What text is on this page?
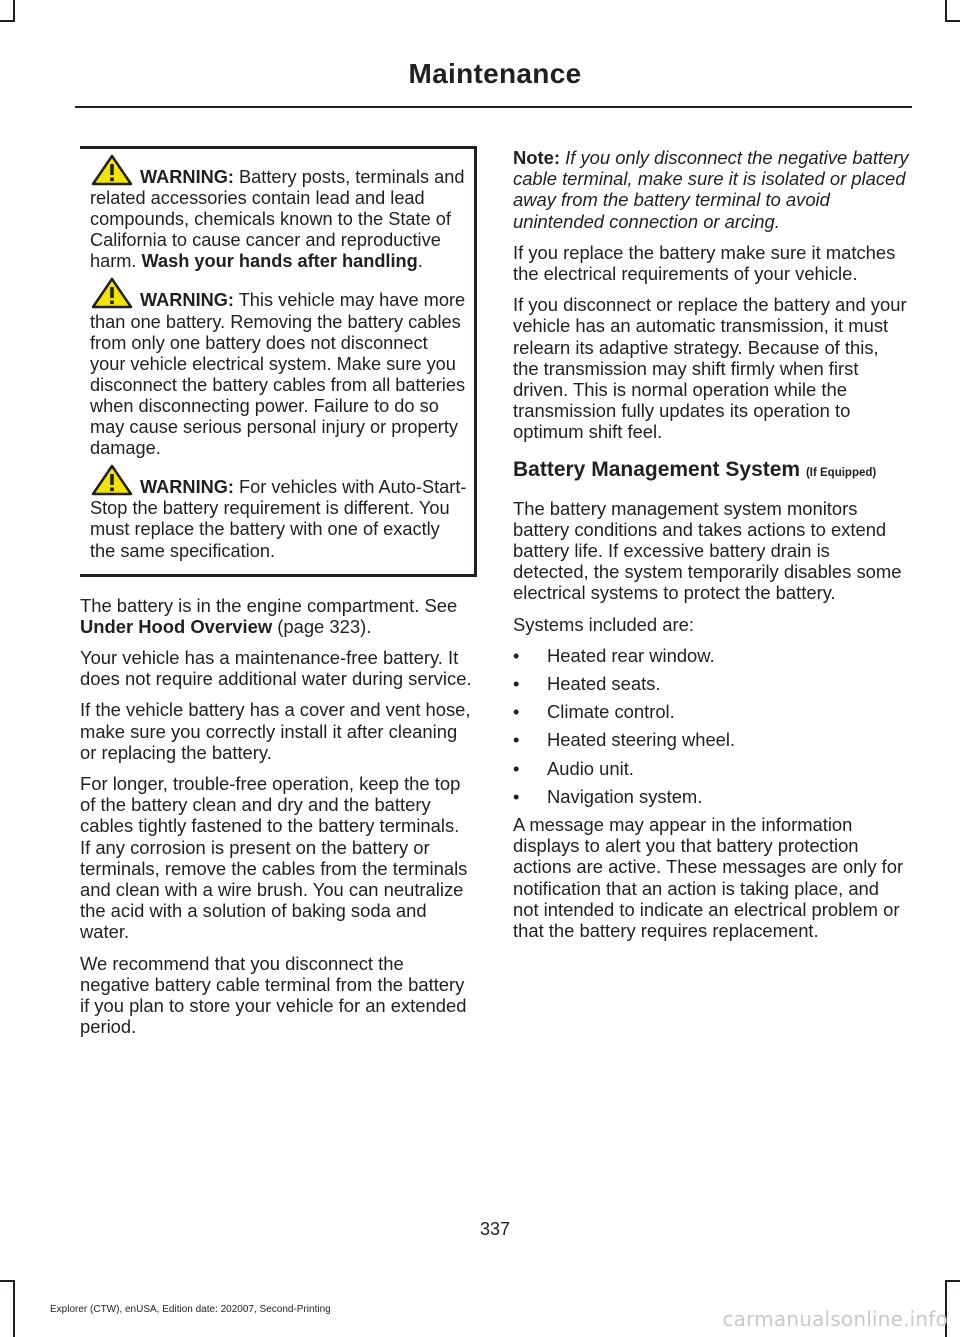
Maintenance

WARNING: Battery posts, terminals and related accessories contain lead and lead compounds, chemicals known to the State of California to cause cancer and reproductive harm. Wash your hands after handling.

WARNING: This vehicle may have more than one battery. Removing the battery cables from only one battery does not disconnect your vehicle electrical system. Make sure you disconnect the battery cables from all batteries when disconnecting power. Failure to do so may cause serious personal injury or property damage.

WARNING: For vehicles with Auto-Start-Stop the battery requirement is different. You must replace the battery with one of exactly the same specification.

The battery is in the engine compartment. See Under Hood Overview (page 323).

Your vehicle has a maintenance-free battery. It does not require additional water during service.

If the vehicle battery has a cover and vent hose, make sure you correctly install it after cleaning or replacing the battery.

For longer, trouble-free operation, keep the top of the battery clean and dry and the battery cables tightly fastened to the battery terminals. If any corrosion is present on the battery or terminals, remove the cables from the terminals and clean with a wire brush. You can neutralize the acid with a solution of baking soda and water.

We recommend that you disconnect the negative battery cable terminal from the battery if you plan to store your vehicle for an extended period.

Note: If you only disconnect the negative battery cable terminal, make sure it is isolated or placed away from the battery terminal to avoid unintended connection or arcing.

If you replace the battery make sure it matches the electrical requirements of your vehicle.

If you disconnect or replace the battery and your vehicle has an automatic transmission, it must relearn its adaptive strategy. Because of this, the transmission may shift firmly when first driven. This is normal operation while the transmission fully updates its operation to optimum shift feel.

Battery Management System (If Equipped)

The battery management system monitors battery conditions and takes actions to extend battery life. If excessive battery drain is detected, the system temporarily disables some electrical systems to protect the battery.

Systems included are:

• Heated rear window.
• Heated seats.
• Climate control.
• Heated steering wheel.
• Audio unit.
• Navigation system.

A message may appear in the information displays to alert you that battery protection actions are active. These messages are only for notification that an action is taking place, and not intended to indicate an electrical problem or that the battery requires replacement.

337
Explorer (CTW), enUSA, Edition date: 202007, Second-Printing	carmanualsonline.info
